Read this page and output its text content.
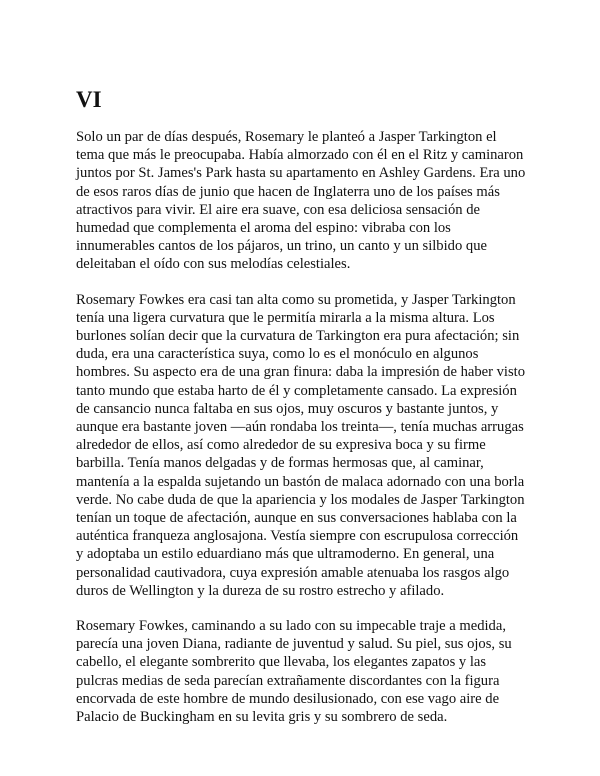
VI

Solo un par de días después, Rosemary le planteó a Jasper Tarkington el tema que más le preocupaba. Había almorzado con él en el Ritz y caminaron juntos por St. James's Park hasta su apartamento en Ashley Gardens. Era uno de esos raros días de junio que hacen de Inglaterra uno de los países más atractivos para vivir. El aire era suave, con esa deliciosa sensación de humedad que complementa el aroma del espino: vibraba con los innumerables cantos de los pájaros, un trino, un canto y un silbido que deleitaban el oído con sus melodías celestiales.

Rosemary Fowkes era casi tan alta como su prometida, y Jasper Tarkington tenía una ligera curvatura que le permitía mirarla a la misma altura. Los burlones solían decir que la curvatura de Tarkington era pura afectación; sin duda, era una característica suya, como lo es el monóculo en algunos hombres. Su aspecto era de una gran finura: daba la impresión de haber visto tanto mundo que estaba harto de él y completamente cansado. La expresión de cansancio nunca faltaba en sus ojos, muy oscuros y bastante juntos, y aunque era bastante joven —aún rondaba los treinta—, tenía muchas arrugas alrededor de ellos, así como alrededor de su expresiva boca y su firme barbilla. Tenía manos delgadas y de formas hermosas que, al caminar, mantenía a la espalda sujetando un bastón de malaca adornado con una borla verde. No cabe duda de que la apariencia y los modales de Jasper Tarkington tenían un toque de afectación, aunque en sus conversaciones hablaba con la auténtica franqueza anglosajona. Vestía siempre con escrupulosa corrección y adoptaba un estilo eduardiano más que ultramoderno. En general, una personalidad cautivadora, cuya expresión amable atenuaba los rasgos algo duros de Wellington y la dureza de su rostro estrecho y afilado.

Rosemary Fowkes, caminando a su lado con su impecable traje a medida, parecía una joven Diana, radiante de juventud y salud. Su piel, sus ojos, su cabello, el elegante sombrerito que llevaba, los elegantes zapatos y las pulcras medias de seda parecían extrañamente discordantes con la figura encorvada de este hombre de mundo desilusionado, con ese vago aire de Palacio de Buckingham en su levita gris y su sombrero de seda.
